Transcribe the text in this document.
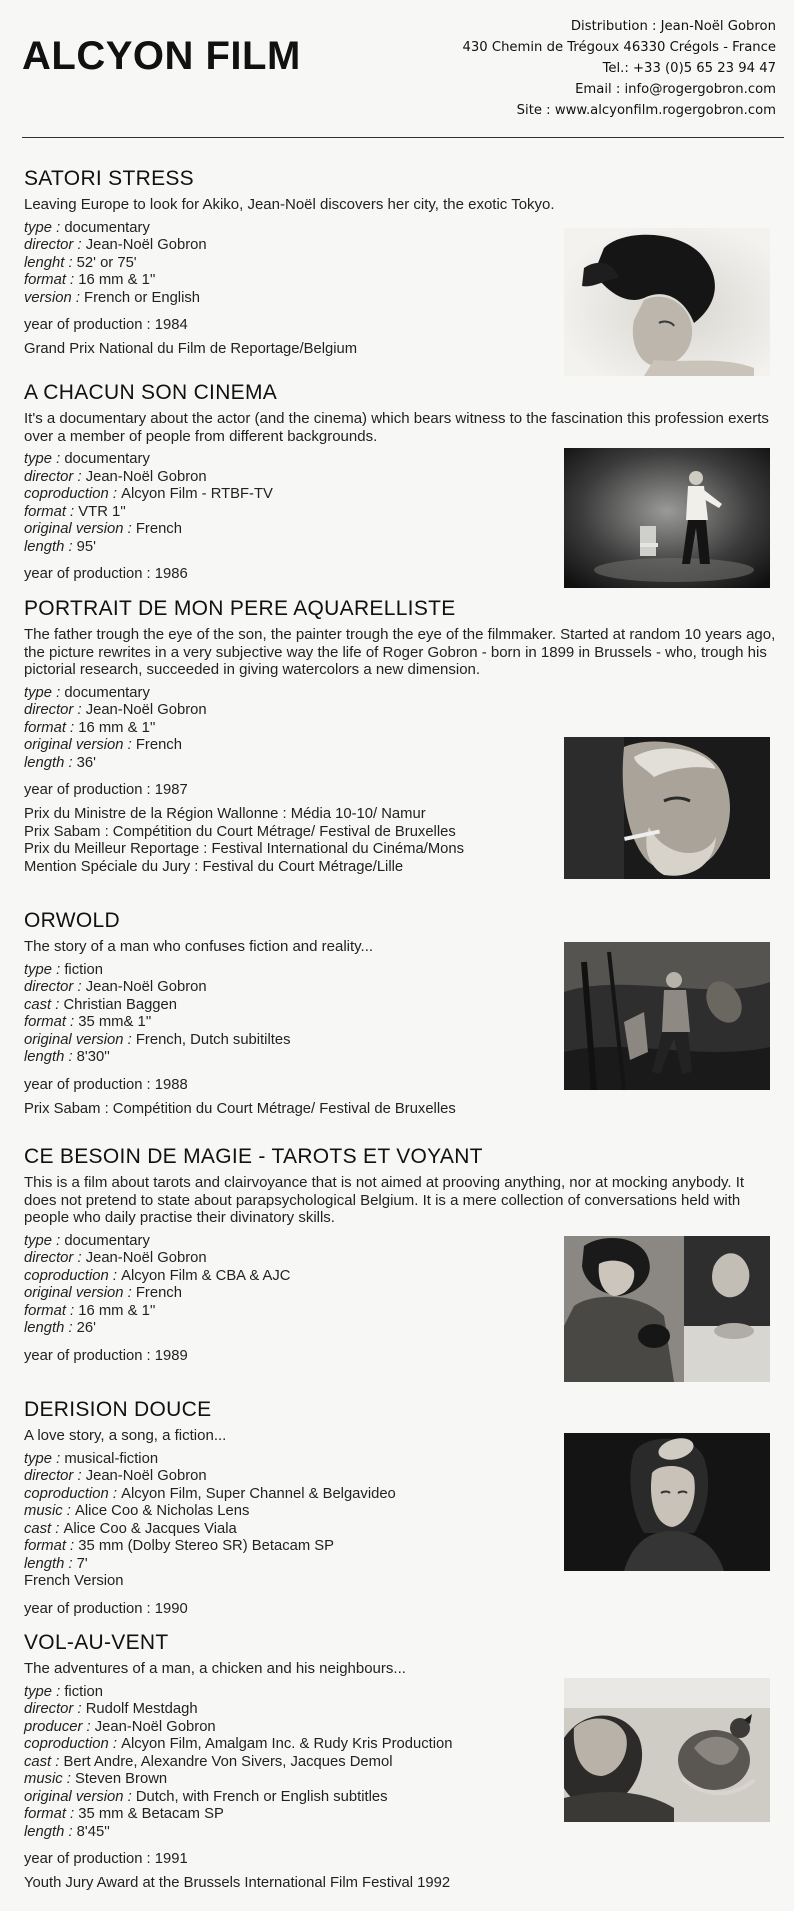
ALCYON FILM
Distribution : Jean-Noël Gobron
430 Chemin de Trégoux 46330 Crégols - France
Tel.: +33 (0)5 65 23 94 47
Email : info@rogergobron.com
Site : www.alcyonfilm.rogergobron.com
SATORI STRESS

Leaving Europe to look for Akiko, Jean-Noël discovers her city, the exotic Tokyo.

type : documentary
director : Jean-Noël Gobron
lenght : 52' or 75'
format : 16 mm & 1''
version : French or English
year of production : 1984
Grand Prix National du Film de Reportage/Belgium
A CHACUN SON CINEMA

It's a documentary about the actor (and the cinema) which bears witness to the fascination this profession exerts over a member of people from different backgrounds.

type : documentary
director : Jean-Noël Gobron
coproduction : Alcyon Film - RTBF-TV
format : VTR 1''
original version : French
length : 95'
year of production : 1986
PORTRAIT DE MON PERE AQUARELLISTE

The father trough the eye of the son, the painter trough the eye of the filmmaker. Started at random 10 years ago, the picture rewrites in a very subjective way the life of Roger Gobron - born in 1899 in Brussels - who, trough his pictorial research, succeeded in giving watercolors a new dimension.

type : documentary
director : Jean-Noël Gobron
format : 16 mm & 1''
original version : French
length : 36'
year of production : 1987
Prix du Ministre de la Région Wallonne : Média 10-10/ Namur
Prix Sabam : Compétition du Court Métrage/ Festival de Bruxelles
Prix du Meilleur Reportage : Festival International du Cinéma/Mons
Mention Spéciale du Jury : Festival du Court Métrage/Lille
ORWOLD

The story of a man who confuses fiction and reality...

type : fiction
director : Jean-Noël Gobron
cast : Christian Baggen
format : 35 mm& 1''
original version : French, Dutch subitiltes
length : 8'30''
year of production : 1988
Prix Sabam : Compétition du Court Métrage/ Festival de Bruxelles
CE BESOIN DE MAGIE - TAROTS ET VOYANT

This is a film about tarots and clairvoyance that is not aimed at prooving anything, nor at mocking anybody. It does not pretend to state about parapsychological Belgium. It is a mere collection of conversations held with people who daily practise their divinatory skills.

type : documentary
director : Jean-Noël Gobron
coproduction : Alcyon Film & CBA & AJC
original version : French
format : 16 mm & 1''
length : 26'
year of production : 1989
DERISION DOUCE

A love story, a song, a fiction...

type : musical-fiction
director : Jean-Noël Gobron
coproduction : Alcyon Film, Super Channel & Belgavideo
music : Alice Coo & Nicholas Lens
cast : Alice Coo & Jacques Viala
format : 35 mm (Dolby Stereo SR) Betacam SP
length : 7'
French Version
year of production : 1990
VOL-AU-VENT

The adventures of a man, a chicken and his neighbours...

type : fiction
director : Rudolf Mestdagh
producer : Jean-Noël Gobron
coproduction : Alcyon Film, Amalgam Inc. & Rudy Kris Production
cast : Bert Andre, Alexandre Von Sivers, Jacques Demol
music : Steven Brown
original version : Dutch, with French or English subtitles
format : 35 mm & Betacam SP
length : 8'45''
year of production : 1991
Youth Jury Award at the Brussels International Film Festival 1992
